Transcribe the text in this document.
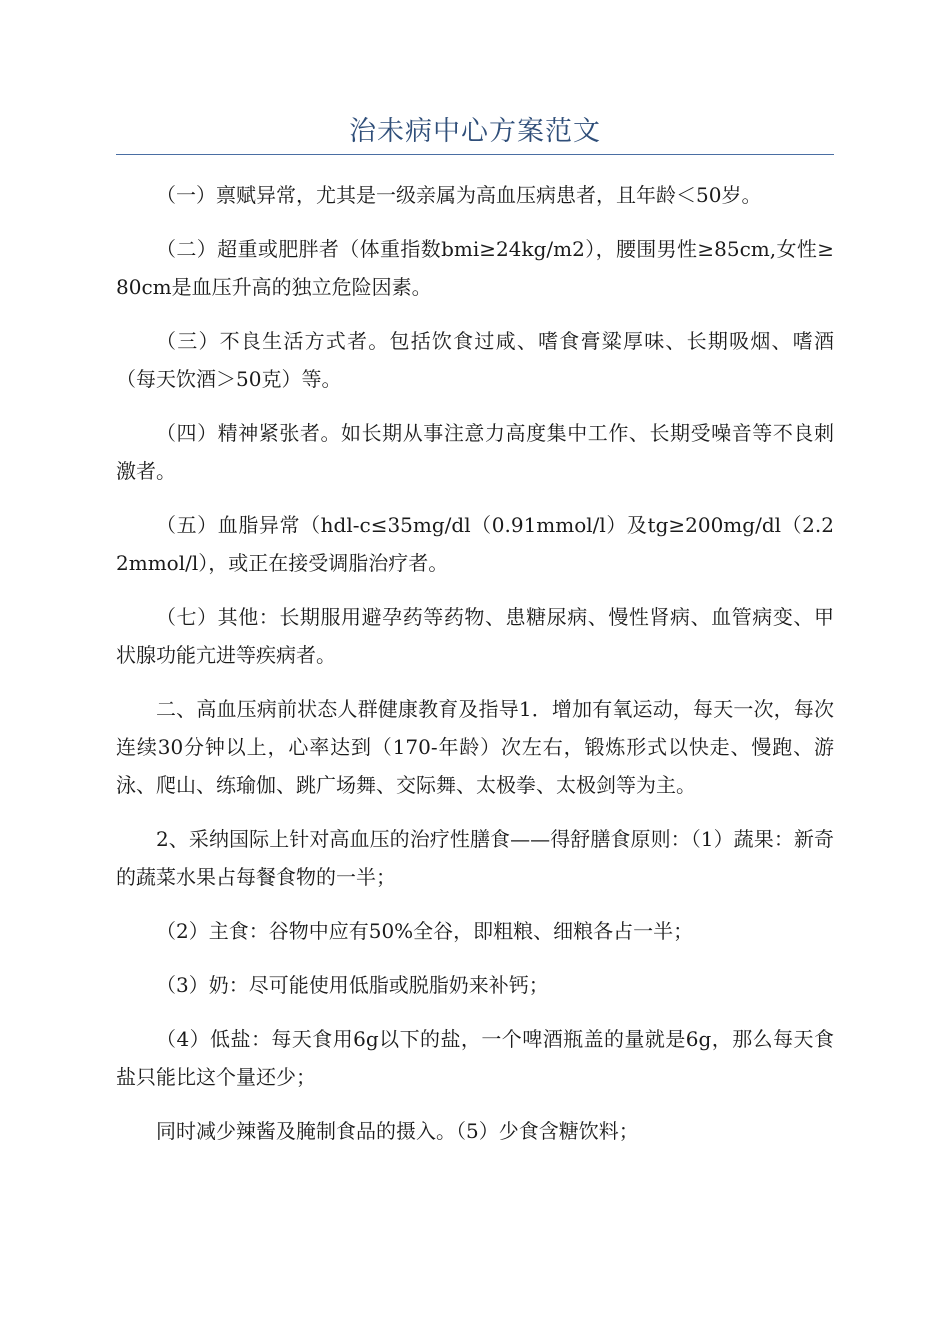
治未病中心方案范文

（一）禀赋异常，尤其是一级亲属为高血压病患者，且年龄＜50岁。

（二）超重或肥胖者（体重指数bmi≥24kg/m2），腰围男性≥85cm,女性≥80cm是血压升高的独立危险因素。

（三）不良生活方式者。包括饮食过咸、嗜食膏粱厚味、长期吸烟、嗜酒（每天饮酒＞50克）等。

（四）精神紧张者。如长期从事注意力高度集中工作、长期受噪音等不良刺激者。

（五）血脂异常（hdl-c≤35mg/dl（0.91mmol/l）及tg≥200mg/dl（2.22mmol/l），或正在接受调脂治疗者。

（七）其他：长期服用避孕药等药物、患糖尿病、慢性肾病、血管病变、甲状腺功能亢进等疾病者。

二、高血压病前状态人群健康教育及指导1．增加有氧运动，每天一次，每次连续30分钟以上，心率达到（170-年龄）次左右，锻炼形式以快走、慢跑、游泳、爬山、练瑜伽、跳广场舞、交际舞、太极拳、太极剑等为主。

2、采纳国际上针对高血压的治疗性膳食——得舒膳食原则：（1）蔬果：新奇的蔬菜水果占每餐食物的一半；

（2）主食：谷物中应有50%全谷，即粗粮、细粮各占一半；

（3）奶：尽可能使用低脂或脱脂奶来补钙；

（4）低盐：每天食用6g以下的盐，一个啤酒瓶盖的量就是6g，那么每天食盐只能比这个量还少；

同时减少辣酱及腌制食品的摄入。（5）少食含糖饮料；
